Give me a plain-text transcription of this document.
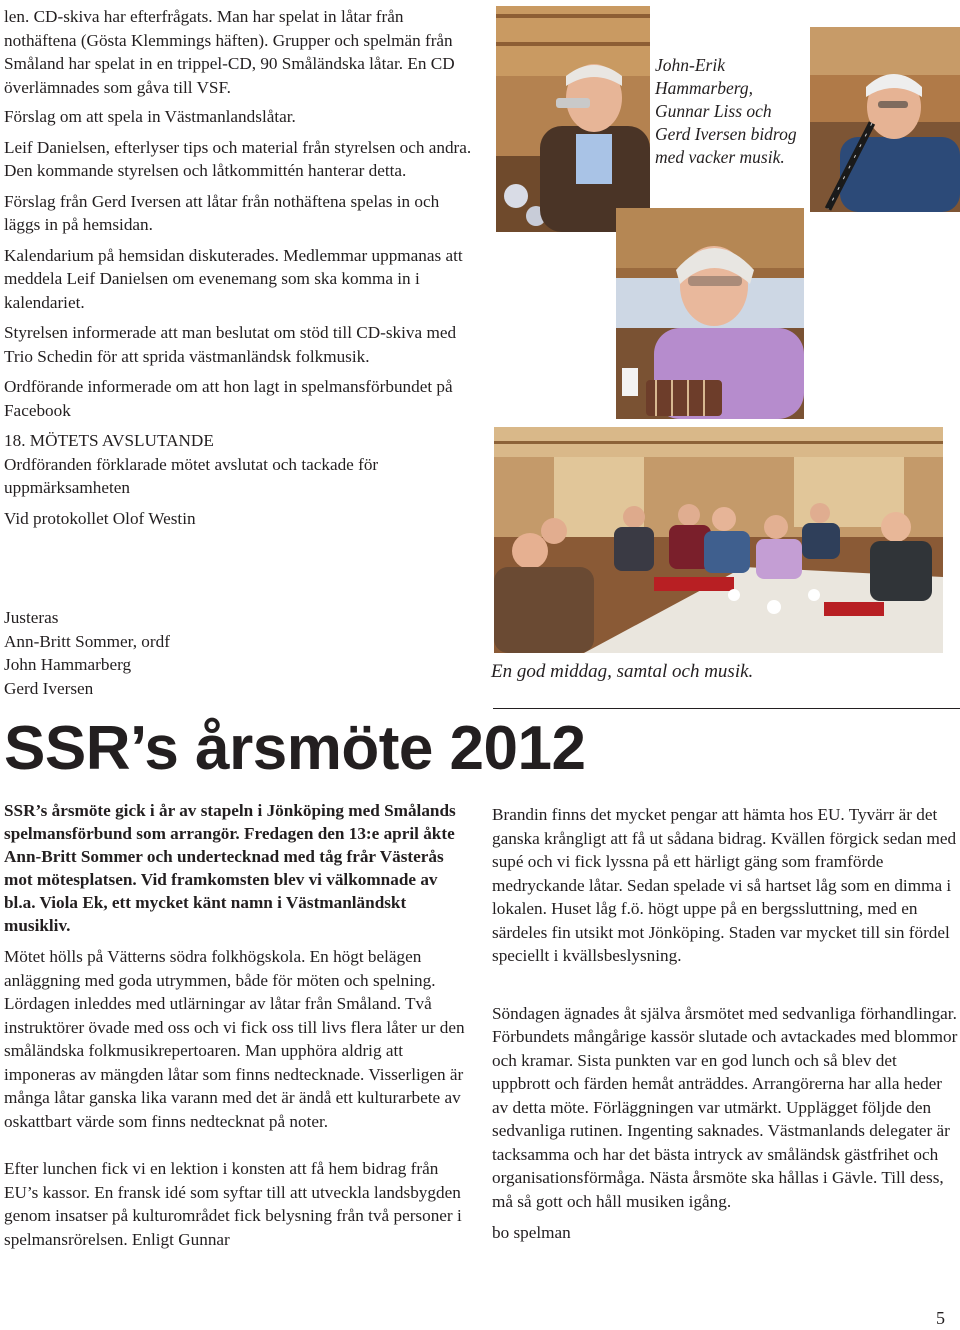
len. CD-skiva har efterfrågats. Man har spelat in låtar från nothäftena (Gösta Klemmings häften). Grupper och spelmän från Småland har spelat in en trippel-CD, 90 Småländska låtar. En CD överlämnades som gåva till VSF.

Förslag om att spela in Västmanlandslåtar.

Leif Danielsen, efterlyser tips och material från styrelsen och andra. Den kommande styrelsen och låtkommittén hanterar detta.

Förslag från Gerd Iversen att låtar från nothäftena spelas in och läggs in på hemsidan.

Kalendarium på hemsidan diskuterades. Medlemmar uppmanas att meddela Leif Danielsen om evenemang som ska komma in i kalendariet.

Styrelsen informerade att man beslutat om stöd till CD-skiva med Trio Schedin för att sprida västmanländsk folkmusik.

Ordförande informerade om att hon lagt in spelmansförbundet på Facebook

18. MÖTETS AVSLUTANDE

Ordföranden förklarade mötet avslutat och tackade för uppmärksamheten

Vid protokollet Olof Westin

Justeras
Ann-Britt Sommer, ordf
John Hammarberg
Gerd Iversen
John-Erik Hammarberg, Gunnar Liss och Gerd Iversen bidrog med vacker musik.
En god middag, samtal och musik.
SSR’s årsmöte 2012

SSR’s årsmöte gick i år av stapeln i Jönköping med Smålands spelmansförbund som arrangör. Fredagen den 13:e april åkte Ann-Britt Sommer och undertecknad med tåg frår Västerås mot mötesplatsen. Vid framkomsten blev vi välkomnade av bl.a. Viola Ek, ett mycket känt namn i Västmanländskt musikliv.

Mötet hölls på Vätterns södra folkhögskola. En högt belägen anläggning med goda utrymmen, både för möten och spelning. Lördagen inleddes med utlärningar av låtar från Småland. Två instruktörer övade med oss och vi fick oss till livs flera låter ur den småländska folkmusikrepertoaren. Man upphöra aldrig att imponeras av mängden låtar som finns nedtecknade. Visserligen är många låtar ganska lika varann med det är ändå ett kulturarbete av oskattbart värde som finns nedtecknat på noter.

Efter lunchen fick vi en lektion i konsten att få hem bidrag från EU’s kassor. En fransk idé som syftar till att utveckla landsbygden genom insatser på kulturområdet fick belysning från två personer i spelmansrörelsen. Enligt Gunnar

Brandin finns det mycket pengar att hämta hos EU. Tyvärr är det ganska krångligt att få ut sådana bidrag. Kvällen förgick sedan med supé och vi fick lyssna på ett härligt gäng som framförde medryckande låtar. Sedan spelade vi så hartset låg som en dimma i lokalen. Huset låg f.ö. högt uppe på en bergssluttning, med en särdeles fin utsikt mot Jönköping. Staden var mycket till sin fördel speciellt i kvällsbeslysning.

Söndagen ägnades åt själva årsmötet med sedvanliga förhandlingar. Förbundets mångårige kassör slutade och avtackades med blommor och kramar. Sista punkten var en god lunch och så blev det uppbrott och färden hemåt anträddes. Arrangörerna har alla heder av detta möte. Förläggningen var utmärkt. Upplägget följde den sedvanliga rutinen. Ingenting saknades. Västmanlands delegater är tacksamma och har det bästa intryck av småländsk gästfrihet och organisationsförmåga. Nästa årsmöte ska hållas i Gävle. Till dess, må så gott och håll musiken igång.

bo spelman

5
